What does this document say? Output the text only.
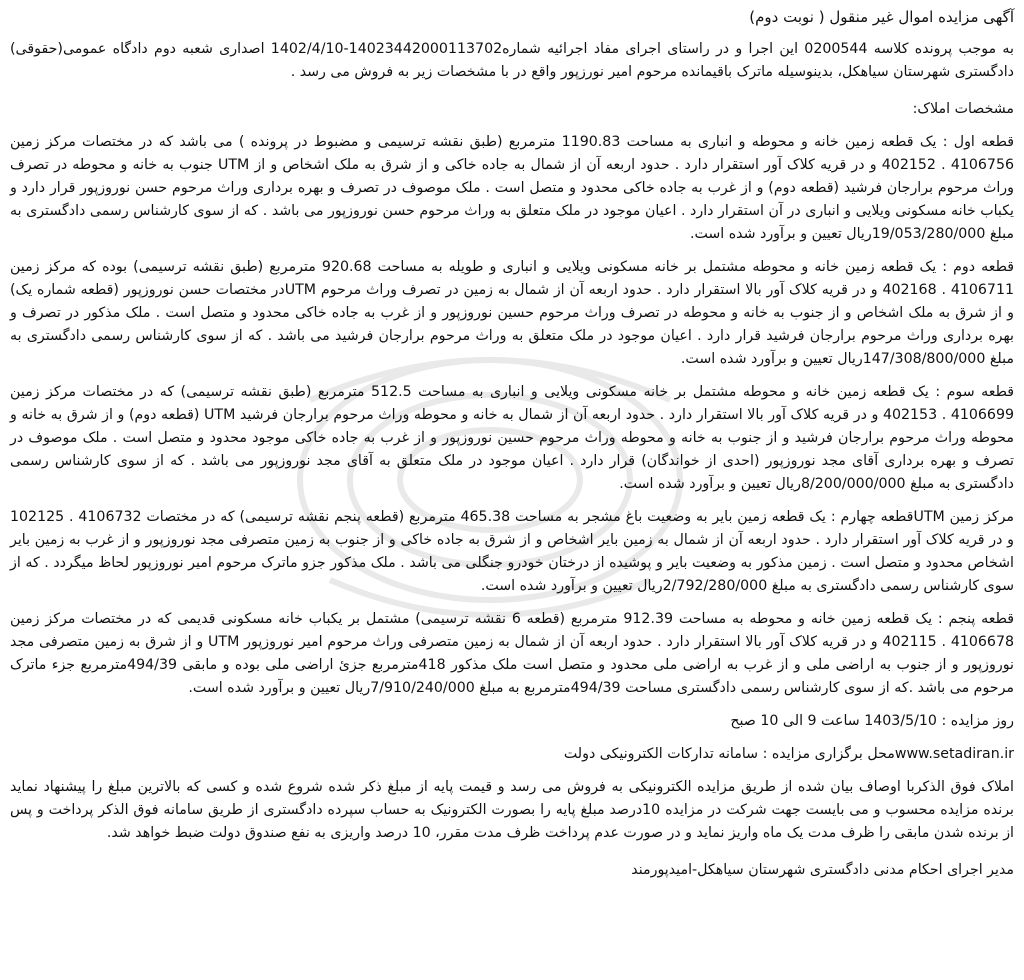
آگهی مزایده اموال غیر منقول ( نوبت دوم)
به موجب پرونده کلاسه 0200544 این اجرا و در راستای اجرای مفاد اجرائیه شماره14023442000113702-1402/4/10 اصداری شعبه دوم دادگاه عمومی(حقوقی) دادگستری شهرستان سیاهکل، بدینوسیله ماترک باقیمانده مرحوم امیر نورزپور واقع در با مشخصات زیر به فروش می رسد .
مشخصات املاک:
قطعه اول : یک قطعه زمین خانه و محوطه و انباری به مساحت 1190.83 مترمربع (طبق نقشه ترسیمی و مضبوط در پرونده ) می باشد که در مختصات مرکز زمین 4106756 . 402152 و در قریه کلاک آور استقرار دارد . حدود اربعه آن از شمال به جاده خاکی و از شرق به ملک اشخاص و از UTM جنوب به خانه و محوطه در تصرف وراث مرحوم برارجان فرشید (قطعه دوم) و از غرب به جاده خاکی محدود و متصل است . ملک موصوف در تصرف و بهره برداری وراث مرحوم حسن نوروزپور قرار دارد و یکباب خانه مسکونی ویلایی و انباری در آن استقرار دارد . اعیان موجود در ملک متعلق به وراث مرحوم حسن نوروزپور می باشد . که از سوی کارشناس رسمی دادگستری به مبلغ 19/053/280/000ریال تعیین و برآورد شده است.
قطعه دوم : یک قطعه زمین خانه و محوطه مشتمل بر خانه مسکونی ویلایی و انباری و طویله به مساحت 920.68 مترمربع (طبق نقشه ترسیمی) بوده که مرکز زمین 4106711 . 402168 و در قریه کلاک آور بالا استقرار دارد . حدود اربعه آن از شمال به زمین در تصرف وراث مرحوم UTMدر مختصات حسن نوروزپور (قطعه شماره یک) و از شرق به ملک اشخاص و از جنوب به خانه و محوطه در تصرف وراث مرحوم حسین نوروزپور و از غرب به جاده خاکی محدود و متصل است . ملک مذکور در تصرف و بهره برداری وراث مرحوم برارجان فرشید قرار دارد . اعیان موجود در ملک متعلق به وراث مرحوم برارجان فرشید می باشد . که از سوی کارشناس رسمی دادگستری به مبلغ 147/308/800/000ریال تعیین و برآورد شده است.
قطعه سوم : یک قطعه زمین خانه و محوطه مشتمل بر خانه مسکونی ویلایی و انباری به مساحت 512.5 مترمربع (طبق نقشه ترسیمی) که در مختصات مرکز زمین 4106699 . 402153 و در قریه کلاک آور بالا استقرار دارد . حدود اربعه آن از شمال به خانه و محوطه وراث مرحوم برارجان فرشید UTM (قطعه دوم) و از شرق به خانه و محوطه وراث مرحوم برارجان فرشید و از جنوب به خانه و محوطه وراث مرحوم حسین نوروزپور و از غرب به جاده خاکی موجود محدود و متصل است . ملک موصوف در تصرف و بهره برداری آقای مجد نوروزپور (احدی از خواندگان) قرار دارد . اعیان موجود در ملک متعلق به آقای مجد نوروزپور می باشد . که از سوی کارشناس رسمی دادگستری به مبلغ 8/200/000/000ریال تعیین و برآورد شده است.
مرکز زمین UTMقطعه چهارم : یک قطعه زمین بایر به وضعیت باغ مشجر به مساحت 465.38 مترمربع (قطعه پنجم نقشه ترسیمی) که در مختصات 4106732 . 102125 و در قریه کلاک آور استقرار دارد . حدود اربعه آن از شمال به زمین بایر اشخاص و از شرق به جاده خاکی و از جنوب به زمین متصرفی مجد نوروزپور و از غرب به زمین بایر اشخاص محدود و متصل است . زمین مذکور به وضعیت بایر و پوشیده از درختان خودرو جنگلی می باشد . ملک مذکور جزو ماترک مرحوم امیر نوروزپور لحاظ میگردد . که از سوی کارشناس رسمی دادگستری به مبلغ 2/792/280/000ریال تعیین و برآورد شده است.
قطعه پنجم : یک قطعه زمین خانه و محوطه به مساحت 912.39 مترمربع (قطعه 6 نقشه ترسیمی) مشتمل بر یکباب خانه مسکونی قدیمی که در مختصات مرکز زمین 4106678 . 402115 و در قریه کلاک آور بالا استقرار دارد . حدود اربعه آن از شمال به زمین متصرفی وراث مرحوم امیر نوروزپور UTM و از شرق به زمین متصرفی مجد نوروزپور و از جنوب به اراضی ملی و از غرب به اراضی ملی محدود و متصل است ملک مذکور 418مترمربع جزئ اراضی ملی بوده و مابقی 494/39مترمربع جزء ماترک مرحوم می باشد .که از سوی کارشناس رسمی دادگستری مساحت 494/39مترمربع به مبلغ 7/910/240/000ریال تعیین و برآورد شده است.
روز مزایده : 1403/5/10 ساعت 9 الی 10 صبح
www.setadiran.irمحل برگزاری مزایده : سامانه تدارکات الکترونیکی دولت
املاک فوق الذکربا اوصاف بیان شده از طریق مزایده الکترونیکی به فروش می رسد و قیمت پایه از مبلغ ذکر شده شروع شده و کسی که بالاترین مبلغ را پیشنهاد نماید برنده مزایده محسوب و می بایست جهت شرکت در مزایده 10درصد مبلغ پایه را بصورت الکترونیک به حساب سپرده دادگستری از طریق سامانه فوق الذکر پرداخت و پس از برنده شدن مابقی را ظرف مدت یک ماه واریز نماید و در صورت عدم پرداخت ظرف مدت مقرر، 10 درصد واریزی به نفع صندوق دولت ضبط خواهد شد.
مدیر اجرای احکام مدنی دادگستری شهرستان سیاهکل-امیدپورمند
